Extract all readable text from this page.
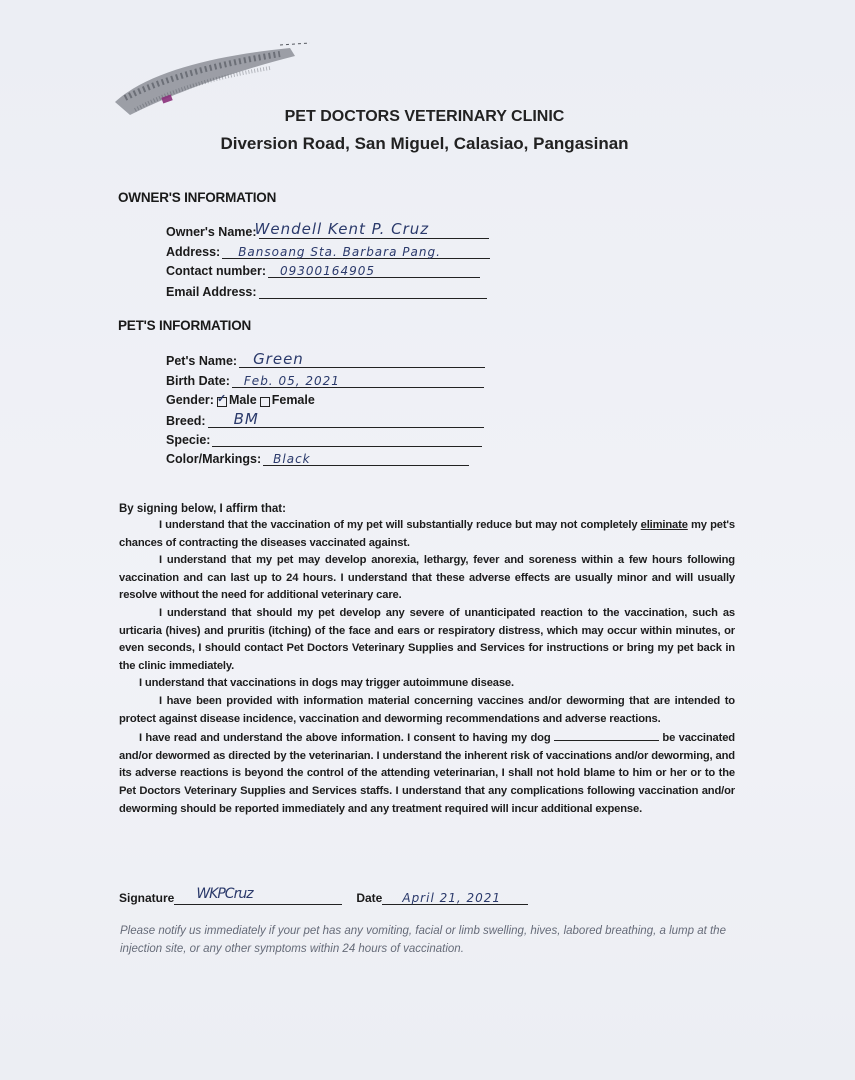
PET DOCTORS VETERINARY CLINIC
Diversion Road, San Miguel, Calasiao, Pangasinan
OWNER'S INFORMATION
Owner's Name:
Wendell Kent P. Cruz
Address: Bansoang Sta. Barbara Pang.
Contact number: 09300164905
Email Address:
PET'S INFORMATION
Pet's Name: Green
Birth Date: Feb. 05, 2021
Gender:
✓ Male Female
Breed: BM
Specie:
Color/Markings: Black
By signing below, I affirm that:

I understand that the vaccination of my pet will substantially reduce but may not completely eliminate my pet's chances of contracting the diseases vaccinated against.

I understand that my pet may develop anorexia, lethargy, fever and soreness within a few hours following vaccination and can last up to 24 hours. I understand that these adverse effects are usually minor and will usually resolve without the need for additional veterinary care.

I understand that should my pet develop any severe of unanticipated reaction to the vaccination, such as urticaria (hives) and pruritis (itching) of the face and ears or respiratory distress, which may occur within minutes, or even seconds, I should contact Pet Doctors Veterinary Supplies and Services for instructions or bring my pet back in the clinic immediately.

I understand that vaccinations in dogs may trigger autoimmune disease.

I have been provided with information material concerning vaccines and/or deworming that are intended to protect against disease incidence, vaccination and deworming recommendations and adverse reactions.

I have read and understand the above information. I consent to having my dog	be vaccinated and/or dewormed as directed by the veterinarian. I understand the inherent risk of vaccinations and/or deworming, and its adverse reactions is beyond the control of the attending veterinarian, I shall not hold blame to him or her or to the Pet Doctors Veterinary Supplies and Services staffs. I understand that any complications following vaccination and/or deworming should be reported immediately and any treatment required will incur additional expense.

Signature WKPCruz	Date April 21, 2021
Please notify us immediately if your pet has any vomiting, facial or limb swelling, hives, labored breathing, a lump at the injection site, or any other symptoms within 24 hours of vaccination.
